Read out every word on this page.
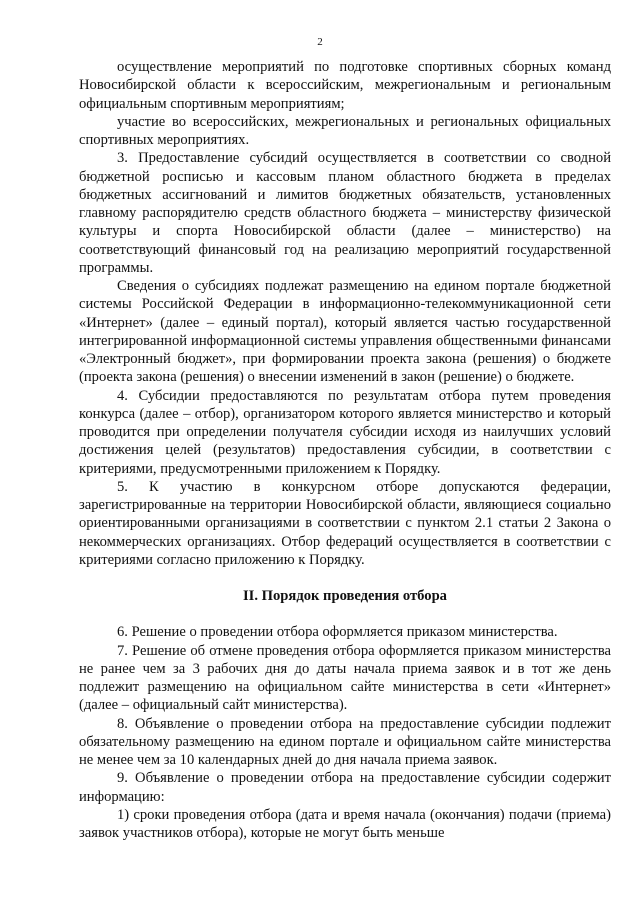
2

осуществление мероприятий по подготовке спортивных сборных команд Новосибирской области к всероссийским, межрегиональным и региональным официальным спортивным мероприятиям;

участие во всероссийских, межрегиональных и региональных официальных спортивных мероприятиях.

3. Предоставление субсидий осуществляется в соответствии со сводной бюджетной росписью и кассовым планом областного бюджета в пределах бюджетных ассигнований и лимитов бюджетных обязательств, установленных главному распорядителю средств областного бюджета – министерству физической культуры и спорта Новосибирской области (далее – министерство) на соответствующий финансовый год на реализацию мероприятий государственной программы.

Сведения о субсидиях подлежат размещению на едином портале бюджетной системы Российской Федерации в информационно-телекоммуникационной сети «Интернет» (далее – единый портал), который является частью государственной интегрированной информационной системы управления общественными финансами «Электронный бюджет», при формировании проекта закона (решения) о бюджете (проекта закона (решения) о внесении изменений в закон (решение) о бюджете.

4. Субсидии предоставляются по результатам отбора путем проведения конкурса (далее – отбор), организатором которого является министерство и который проводится при определении получателя субсидии исходя из наилучших условий достижения целей (результатов) предоставления субсидии, в соответствии с критериями, предусмотренными приложением к Порядку.

5. К участию в конкурсном отборе допускаются федерации, зарегистрированные на территории Новосибирской области, являющиеся социально ориентированными организациями в соответствии с пунктом 2.1 статьи 2 Закона о некоммерческих организациях. Отбор федераций осуществляется в соответствии с критериями согласно приложению к Порядку.

II. Порядок проведения отбора

6. Решение о проведении отбора оформляется приказом министерства.

7. Решение об отмене проведения отбора оформляется приказом министерства не ранее чем за 3 рабочих дня до даты начала приема заявок и в тот же день подлежит размещению на официальном сайте министерства в сети «Интернет» (далее – официальный сайт министерства).

8. Объявление о проведении отбора на предоставление субсидии подлежит обязательному размещению на едином портале и официальном сайте министерства не менее чем за 10 календарных дней до дня начала приема заявок.

9. Объявление о проведении отбора на предоставление субсидии содержит информацию:

1) сроки проведения отбора (дата и время начала (окончания) подачи (приема) заявок участников отбора), которые не могут быть меньше
